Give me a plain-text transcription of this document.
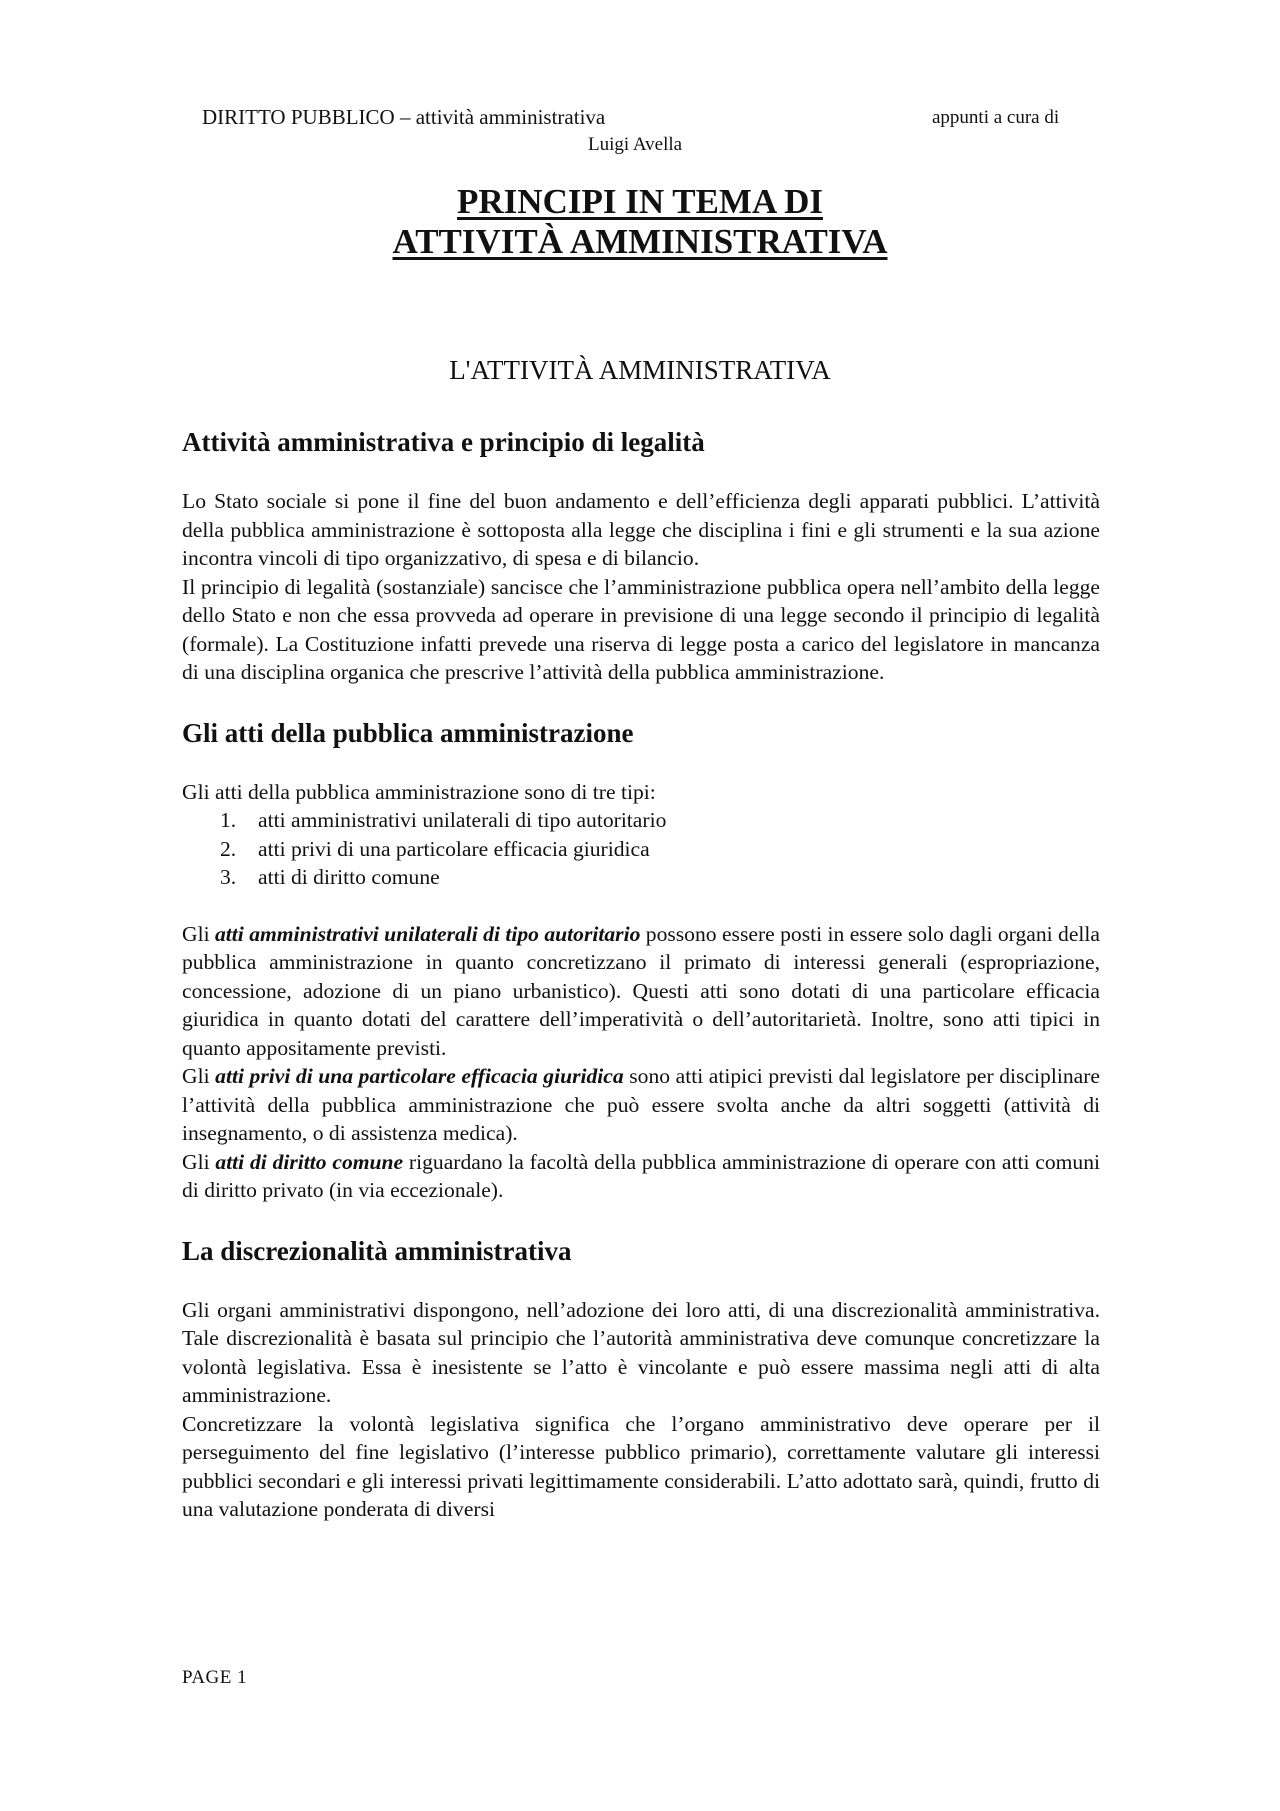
DIRITTO PUBBLICO – attività amministrativa	appunti a cura di
Luigi Avella
PRINCIPI IN TEMA DI
ATTIVITÀ AMMINISTRATIVA
L'ATTIVITÀ AMMINISTRATIVA
Attività amministrativa e principio di legalità

Lo Stato sociale si pone il fine del buon andamento e dell’efficienza degli apparati pubblici. L’attività della pubblica amministrazione è sottoposta alla legge che disciplina i fini e gli strumenti e la sua azione incontra vincoli di tipo organizzativo, di spesa e di bilancio.

Il principio di legalità (sostanziale) sancisce che l’amministrazione pubblica opera nell’ambito della legge dello Stato e non che essa provveda ad operare in previsione di una legge secondo il principio di legalità (formale). La Costituzione infatti prevede una riserva di legge posta a carico del legislatore in mancanza di una disciplina organica che prescrive l’attività della pubblica amministrazione.

Gli atti della pubblica amministrazione

Gli atti della pubblica amministrazione sono di tre tipi:

1.	atti amministrativi unilaterali di tipo autoritario
2.	atti privi di una particolare efficacia giuridica
3.	atti di diritto comune

Gli atti amministrativi unilaterali di tipo autoritario possono essere posti in essere solo dagli organi della pubblica amministrazione in quanto concretizzano il primato di interessi generali (espropriazione, concessione, adozione di un piano urbanistico). Questi atti sono dotati di una particolare efficacia giuridica in quanto dotati del carattere dell’imperatività o dell’autoritarietà. Inoltre, sono atti tipici in quanto appositamente previsti.

Gli atti privi di una particolare efficacia giuridica sono atti atipici previsti dal legislatore per disciplinare l’attività della pubblica amministrazione che può essere svolta anche da altri soggetti (attività di insegnamento, o di assistenza medica).

Gli atti di diritto comune riguardano la facoltà della pubblica amministrazione di operare con atti comuni di diritto privato (in via eccezionale).

La discrezionalità amministrativa

Gli organi amministrativi dispongono, nell’adozione dei loro atti, di una discrezionalità amministrativa. Tale discrezionalità è basata sul principio che l’autorità amministrativa deve comunque concretizzare la volontà legislativa. Essa è inesistente se l’atto è vincolante e può essere massima negli atti di alta amministrazione.

Concretizzare la volontà legislativa significa che l’organo amministrativo deve operare per il perseguimento del fine legislativo (l’interesse pubblico primario), correttamente valutare gli interessi pubblici secondari e gli interessi privati legittimamente considerabili. L’atto adottato sarà, quindi, frutto di una valutazione ponderata di diversi

PAGE 1
